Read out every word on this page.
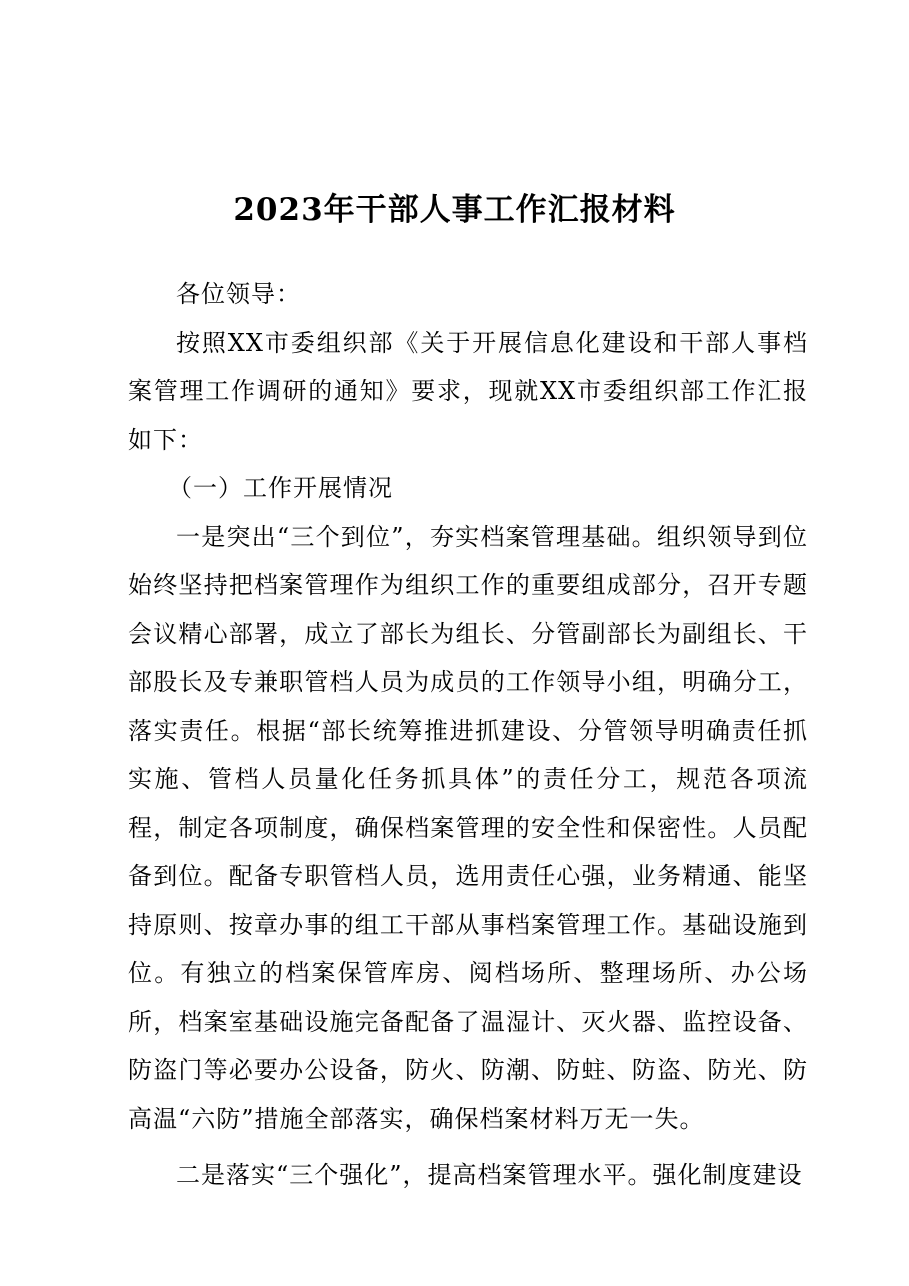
2023年干部人事工作汇报材料

各位领导：

按照XX市委组织部《关于开展信息化建设和干部人事档案管理工作调研的通知》要求，现就XX市委组织部工作汇报如下：

（一）工作开展情况

一是突出“三个到位”，夯实档案管理基础。组织领导到位始终坚持把档案管理作为组织工作的重要组成部分，召开专题会议精心部署，成立了部长为组长、分管副部长为副组长、干部股长及专兼职管档人员为成员的工作领导小组，明确分工，落实责任。根据“部长统筹推进抓建设、分管领导明确责任抓实施、管档人员量化任务抓具体”的责任分工，规范各项流程，制定各项制度，确保档案管理的安全性和保密性。人员配备到位。配备专职管档人员，选用责任心强，业务精通、能坚持原则、按章办事的组工干部从事档案管理工作。基础设施到位。有独立的档案保管库房、阅档场所、整理场所、办公场所，档案室基础设施完备配备了温湿计、灭火器、监控设备、防盗门等必要办公设备，防火、防潮、防蛀、防盗、防光、防高温“六防”措施全部落实，确保档案材料万无一失。

二是落实“三个强化”，提高档案管理水平。强化制度建设
